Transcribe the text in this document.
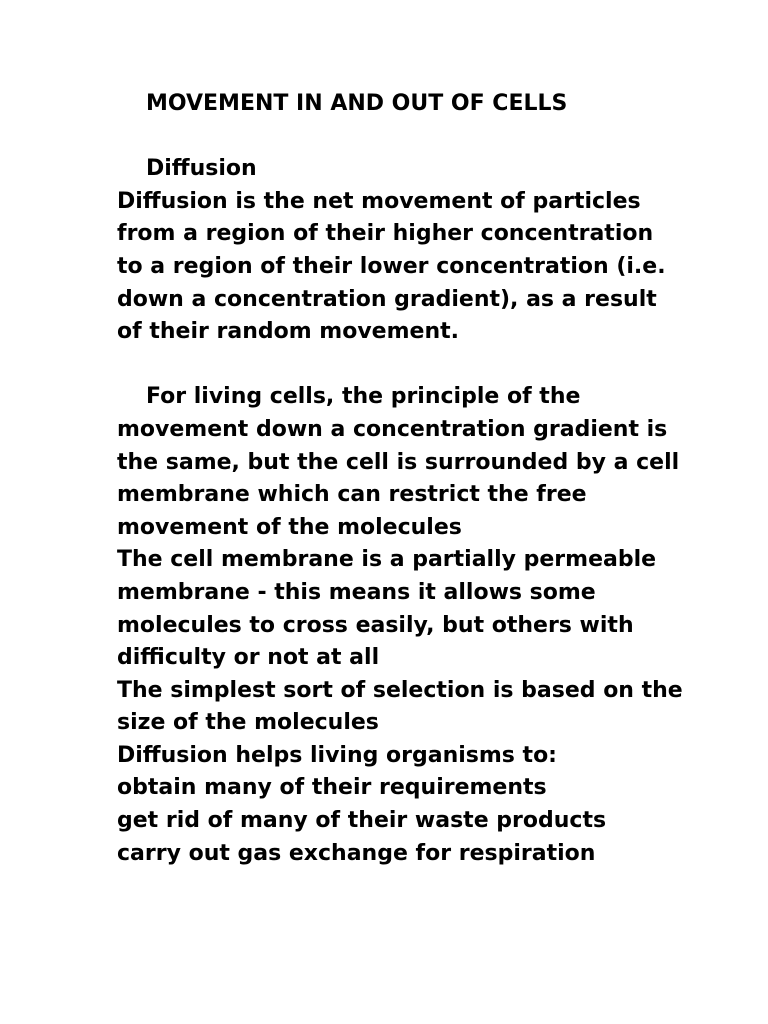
MOVEMENT IN AND OUT OF CELLS
Diffusion
Diffusion is the net movement of particles
from a region of their higher concentration
to a region of their lower concentration (i.e.
down a concentration gradient), as a result
of their random movement.
For living cells, the principle of the
movement down a concentration gradient is
the same, but the cell is surrounded by a cell
membrane which can restrict the free
movement of the molecules
The cell membrane is a partially permeable
membrane - this means it allows some
molecules to cross easily, but others with
difficulty or not at all
The simplest sort of selection is based on the
size of the molecules
Diffusion helps living organisms to:
obtain many of their requirements
get rid of many of their waste products
carry out gas exchange for respiration
